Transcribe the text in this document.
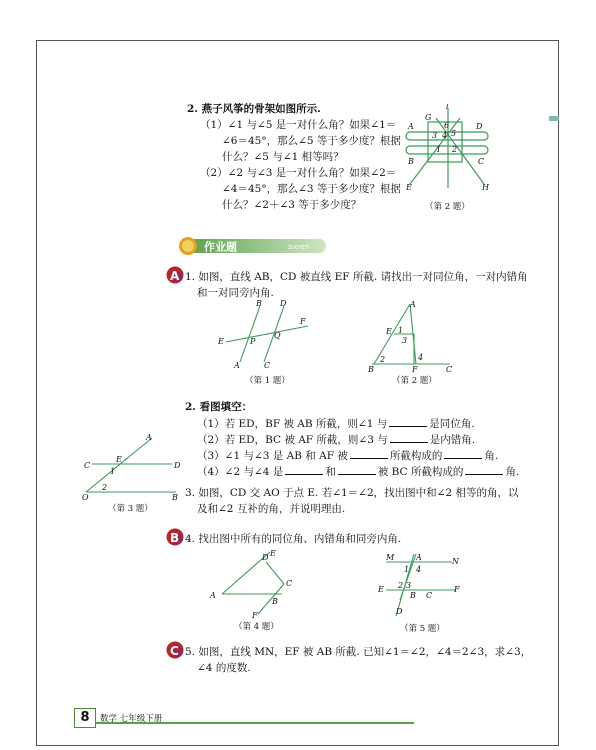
2. 燕子风筝的骨架如图所示.
（1）∠1 与∠5 是一对什么角？如果∠1＝
∠6＝45°，那么∠5 等于多少度？根据
什么？∠5 与∠1 相等吗？
（2）∠2 与∠3 是一对什么角？如果∠2＝
∠4＝45°，那么∠3 等于多少度？根据
什么？∠2＋∠3 等于多少度？
l
G
D
A
B	C
E	H
1 2
3 4 5
6
（第 2 题）
作业题	ZUOYETI
A 1. 如图，直线 AB，CD 被直线 EF 所截. 请找出一对同位角，一对内错角
和一对同旁内角.
B D
F
E	P
Q
A	C
（第 1 题）
A
E 1
3
2	4
B	F	C
（第 2 题）
2. 看图填空：
（1）若 ED，BF 被 AB 所截，则∠1 与	是同位角.
（2）若 ED，BC 被 AF 所截，则∠3 与	是内错角.
（3）∠1 与∠3 是 AB 和 AF 被	所截构成的	角.
（4）∠2 与∠4 是	和	被 BC 所截构成的	角.
A
C
E
D
1
2
O	B
（第 3 题）
3. 如图，CD 交 AO 于点 E. 若∠1＝∠2，找出图中和∠2 相等的角，以
及和∠2 互补的角，并说明理由.
B 4. 找出图中所有的同位角、内错角和同旁内角.
D E
C
A
B
F
（第 4 题）
M	A	N
1 4
2 3
E
B C
F
D
（第 5 题）
C 5. 如图，直线 MN，EF 被 AB 所截. 已知∠1＝∠2，∠4＝2∠3，求∠3，
∠4 的度数.
8	数学 七年级下册
